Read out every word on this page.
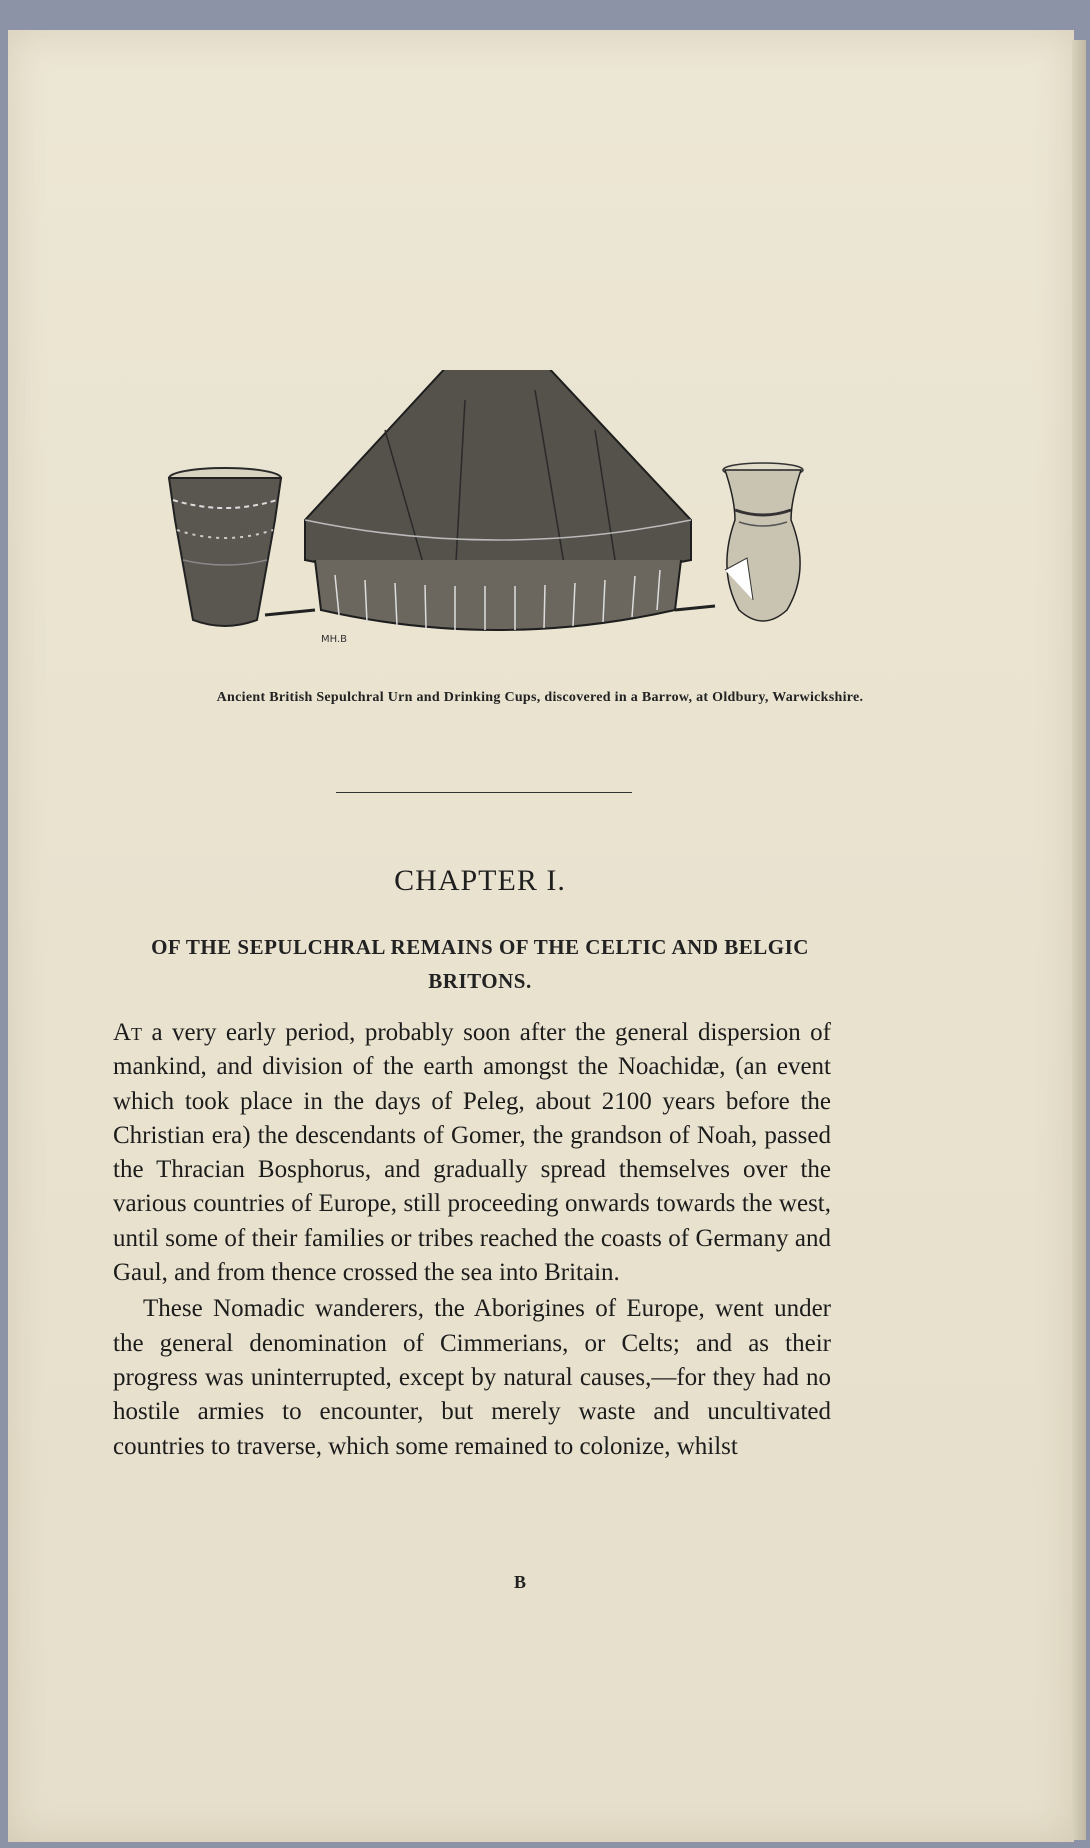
MH.B
Ancient British Sepulchral Urn and Drinking Cups, discovered in a Barrow, at Oldbury, Warwickshire.
CHAPTER I.
OF THE SEPULCHRAL REMAINS OF THE CELTIC AND BELGIC BRITONS.

At a very early period, probably soon after the general dispersion of mankind, and division of the earth amongst the Noachidæ, (an event which took place in the days of Peleg, about 2100 years before the Christian era) the descendants of Gomer, the grandson of Noah, passed the Thracian Bosphorus, and gradually spread themselves over the various countries of Europe, still proceeding onwards towards the west, until some of their families or tribes reached the coasts of Germany and Gaul, and from thence crossed the sea into Britain.

These Nomadic wanderers, the Aborigines of Europe, went under the general denomination of Cimmerians, or Celts; and as their progress was uninterrupted, except by natural causes,—for they had no hostile armies to encounter, but merely waste and uncultivated countries to traverse, which some remained to colonize, whilst

B
